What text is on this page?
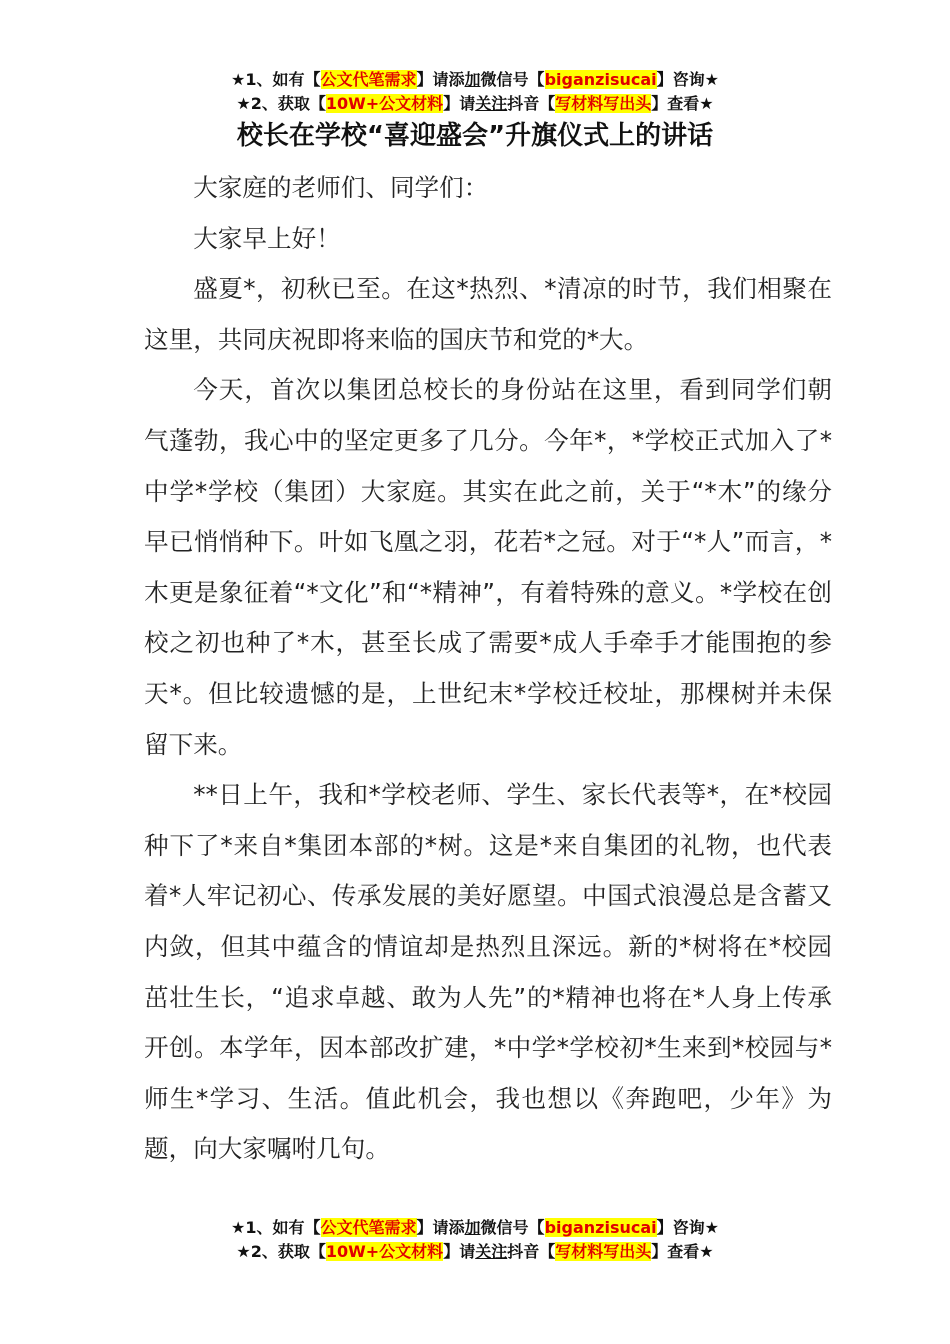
★1、如有【公文代笔需求】请添加微信号【biganzisucai】咨询★
★2、获取【10W+公文材料】请关注抖音【写材料写出头】查看★
校长在学校“喜迎盛会”升旗仪式上的讲话

大家庭的老师们、同学们：

大家早上好！

盛夏*，初秋已至。在这*热烈、*清凉的时节，我们相聚在这里，共同庆祝即将来临的国庆节和党的*大。

今天，首次以集团总校长的身份站在这里，看到同学们朝气蓬勃，我心中的坚定更多了几分。今年*，*学校正式加入了*中学*学校（集团）大家庭。其实在此之前，关于“*木”的缘分早已悄悄种下。叶如飞凰之羽，花若*之冠。对于“*人”而言，*木更是象征着“*文化”和“*精神”，有着特殊的意义。*学校在创校之初也种了*木，甚至长成了需要*成人手牵手才能围抱的参天*。但比较遗憾的是，上世纪末*学校迁校址，那棵树并未保留下来。

**日上午，我和*学校老师、学生、家长代表等*，在*校园种下了*来自*集团本部的*树。这是*来自集团的礼物，也代表着*人牢记初心、传承发展的美好愿望。中国式浪漫总是含蓄又内敛，但其中蕴含的情谊却是热烈且深远。新的*树将在*校园茁壮生长，“追求卓越、敢为人先”的*精神也将在*人身上传承开创。本学年，因本部改扩建，*中学*学校初*生来到*校园与*师生*学习、生活。值此机会，我也想以《奔跑吧，少年》为题，向大家嘱咐几句。

★1、如有【公文代笔需求】请添加微信号【biganzisucai】咨询★
★2、获取【10W+公文材料】请关注抖音【写材料写出头】查看★
